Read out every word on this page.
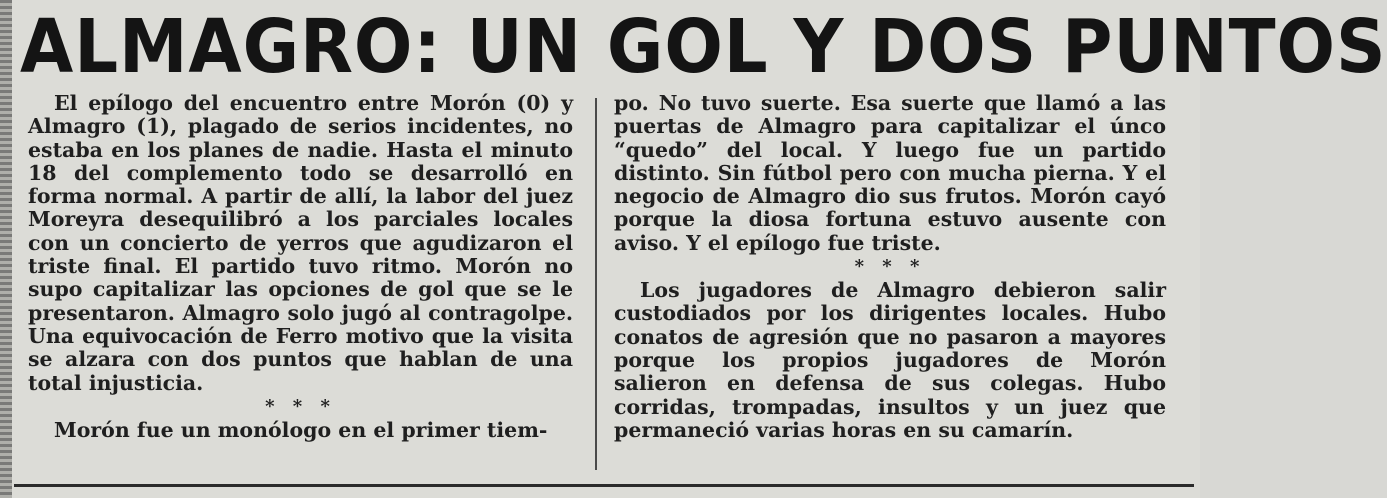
ALMAGRO: UN GOL Y DOS PUNTOS

El epílogo del encuentro entre Morón (0) y Almagro (1), plagado de serios incidentes, no estaba en los planes de nadie. Hasta el minuto 18 del complemento todo se desarrolló en forma normal. A partir de allí, la labor del juez Moreyra desequilibró a los parciales locales con un concierto de yerros que agudizaron el triste final. El partido tuvo ritmo. Morón no supo capitalizar las opciones de gol que se le presentaron. Almagro solo jugó al contragolpe. Una equivocación de Ferro motivo que la visita se alzara con dos puntos que hablan de una total injusticia.

* * *

Morón fue un monólogo en el primer tiem-

po. No tuvo suerte. Esa suerte que llamó a las puertas de Almagro para capitalizar el únco “quedo” del local. Y luego fue un partido distinto. Sin fútbol pero con mucha pierna. Y el negocio de Almagro dio sus frutos. Morón cayó porque la diosa fortuna estuvo ausente con aviso. Y el epílogo fue triste.

* * *

Los jugadores de Almagro debieron salir custodiados por los dirigentes locales. Hubo conatos de agresión que no pasaron a mayores porque los propios jugadores de Morón salieron en defensa de sus colegas. Hubo corridas, trompadas, insultos y un juez que permaneció varias horas en su camarín.
